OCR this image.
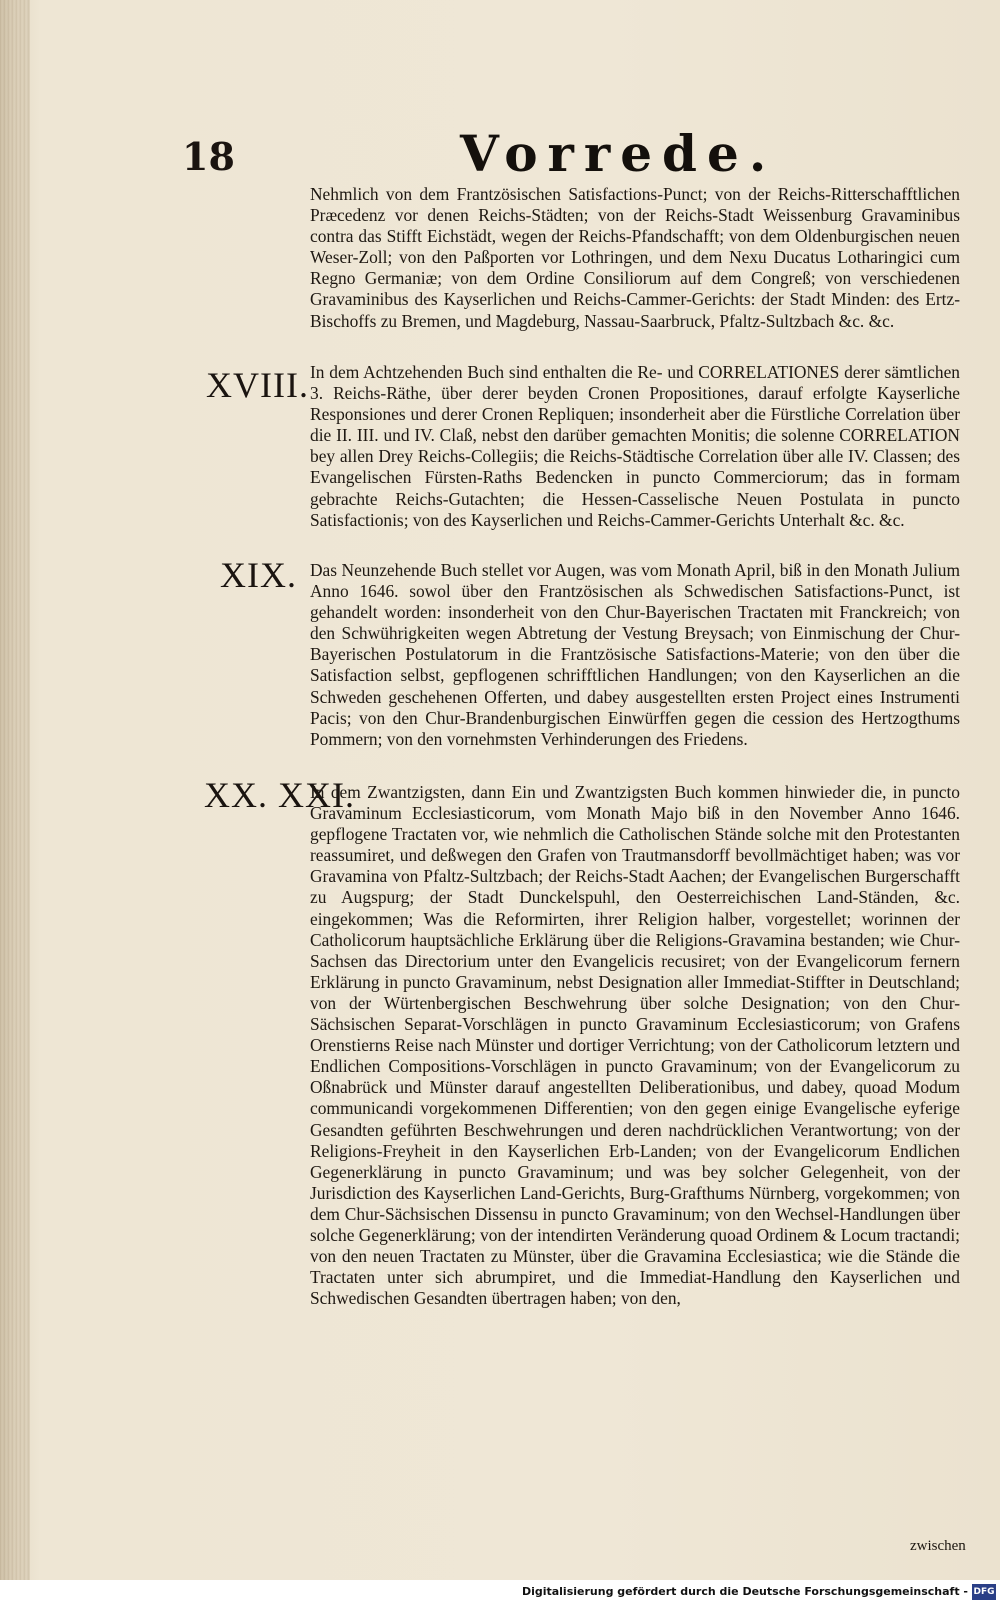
18	Vorrede.

Nehmlich von dem Frantzösischen Satisfactions-Punct; von der Reichs-Ritterschafftlichen Præcedenz vor denen Reichs-Städten; von der Reichs-Stadt Weissenburg Gravaminibus contra das Stifft Eichstädt, wegen der Reichs-Pfandschafft; von dem Oldenburgischen neuen Weser-Zoll; von den Paßporten vor Lothringen, und dem Nexu Ducatus Lotharingici cum Regno Germaniæ; von dem Ordine Consiliorum auf dem Congreß; von verschiedenen Gravaminibus des Kayserlichen und Reichs-Cammer-Gerichts: der Stadt Minden: des Ertz-Bischoffs zu Bremen, und Magdeburg, Nassau-Saarbruck, Pfaltz-Sultzbach &c. &c.

XVIII. In dem Achtzehenden Buch sind enthalten die Re- und CORRELATIONES derer sämtlichen 3. Reichs-Räthe, über derer beyden Cronen Propositiones, darauf erfolgte Kayserliche Responsiones und derer Cronen Repliquen; insonderheit aber die Fürstliche Correlation über die II. III. und IV. Claß, nebst den darüber gemachten Monitis; die solenne CORRELATION bey allen Drey Reichs-Collegiis; die Reichs-Städtische Correlation über alle IV. Classen; des Evangelischen Fürsten-Raths Bedencken in puncto Commerciorum; das in formam gebrachte Reichs-Gutachten; die Hessen-Casselische Neuen Postulata in puncto Satisfactionis; von des Kayserlichen und Reichs-Cammer-Gerichts Unterhalt &c. &c.

XIX. Das Neunzehende Buch stellet vor Augen, was vom Monath April, biß in den Monath Julium Anno 1646. sowol über den Frantzösischen als Schwedischen Satisfactions-Punct, ist gehandelt worden: insonderheit von den Chur-Bayerischen Tractaten mit Franckreich; von den Schwührigkeiten wegen Abtretung der Vestung Breysach; von Einmischung der Chur-Bayerischen Postulatorum in die Frantzösische Satisfactions-Materie; von den über die Satisfaction selbst, gepflogenen schrifftlichen Handlungen; von den Kayserlichen an die Schweden geschehenen Offerten, und dabey ausgestellten ersten Project eines Instrumenti Pacis; von den Chur-Brandenburgischen Einwürffen gegen die cession des Hertzogthums Pommern; von den vornehmsten Verhinderungen des Friedens.

XX. XXI.

In dem Zwantzigsten, dann Ein und Zwantzigsten Buch kommen hinwieder die, in puncto Gravaminum Ecclesiasticorum, vom Monath Majo biß in den November Anno 1646. gepflogene Tractaten vor, wie nehmlich die Catholischen Stände solche mit den Protestanten reassumiret, und deßwegen den Grafen von Trautmansdorff bevollmächtiget haben; was vor Gravamina von Pfaltz-Sultzbach; der Reichs-Stadt Aachen; der Evangelischen Burgerschafft zu Augspurg; der Stadt Dunckelspuhl, den Oesterreichischen Land-Ständen, &c. eingekommen; Was die Reformirten, ihrer Religion halber, vorgestellet; worinnen der Catholicorum hauptsächliche Erklärung über die Religions-Gravamina bestanden; wie Chur-Sachsen das Directorium unter den Evangelicis recusiret; von der Evangelicorum fernern Erklärung in puncto Gravaminum, nebst Designation aller Immediat-Stiffter in Deutschland; von der Würtenbergischen Beschwehrung über solche Designation; von den Chur-Sächsischen Separat-Vorschlägen in puncto Gravaminum Ecclesiasticorum; von Grafens Orenstierns Reise nach Münster und dortiger Verrichtung; von der Catholicorum letztern und Endlichen Compositions-Vorschlägen in puncto Gravaminum; von der Evangelicorum zu Oßnabrück und Münster darauf angestellten Deliberationibus, und dabey, quoad Modum communicandi vorgekommenen Differentien; von den gegen einige Evangelische eyferige Gesandten geführten Beschwehrungen und deren nachdrücklichen Verantwortung; von der Religions-Freyheit in den Kayserlichen Erb-Landen; von der Evangelicorum Endlichen Gegenerklärung in puncto Gravaminum; und was bey solcher Gelegenheit, von der Jurisdiction des Kayserlichen Land-Gerichts, Burg-Grafthums Nürnberg, vorgekommen; von dem Chur-Sächsischen Dissensu in puncto Gravaminum; von den Wechsel-Handlungen über solche Gegenerklärung; von der intendirten Veränderung quoad Ordinem & Locum tractandi; von den neuen Tractaten zu Münster, über die Gravamina Ecclesiastica; wie die Stände die Tractaten unter sich abrumpiret, und die Immediat-Handlung den Kayserlichen und Schwedischen Gesandten übertragen haben; von den,

zwischen
Digitalisierung gefördert durch die Deutsche Forschungsgemeinschaft - DFG
